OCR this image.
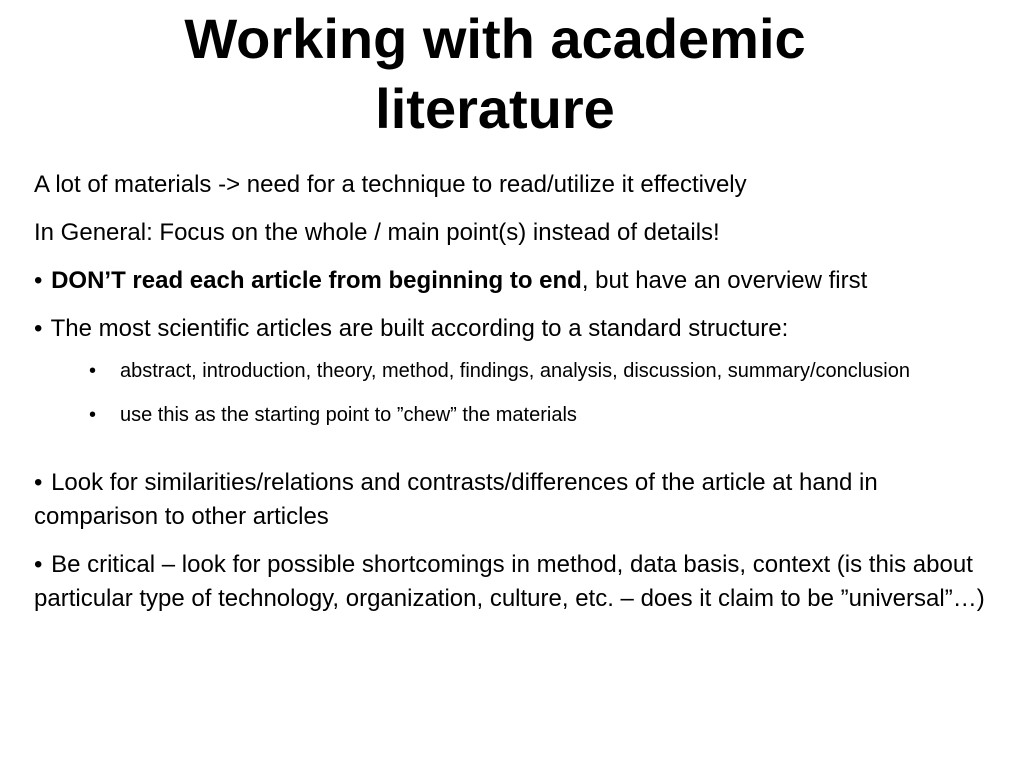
Working with academic literature

A lot of materials -> need for a technique to read/utilize it effectively

In General: Focus on the whole / main point(s) instead of details!

• DON’T read each article from beginning to end, but have an overview first

• The most scientific articles are built according to a standard structure:

• abstract, introduction, theory, method, findings, analysis, discussion, summary/conclusion
• use this as the starting point to ”chew” the materials

• Look for similarities/relations and contrasts/differences of the article at hand in comparison to other articles

• Be critical – look for possible shortcomings in method, data basis, context (is this about particular type of technology, organization, culture, etc. – does it claim to be ”universal”…)
